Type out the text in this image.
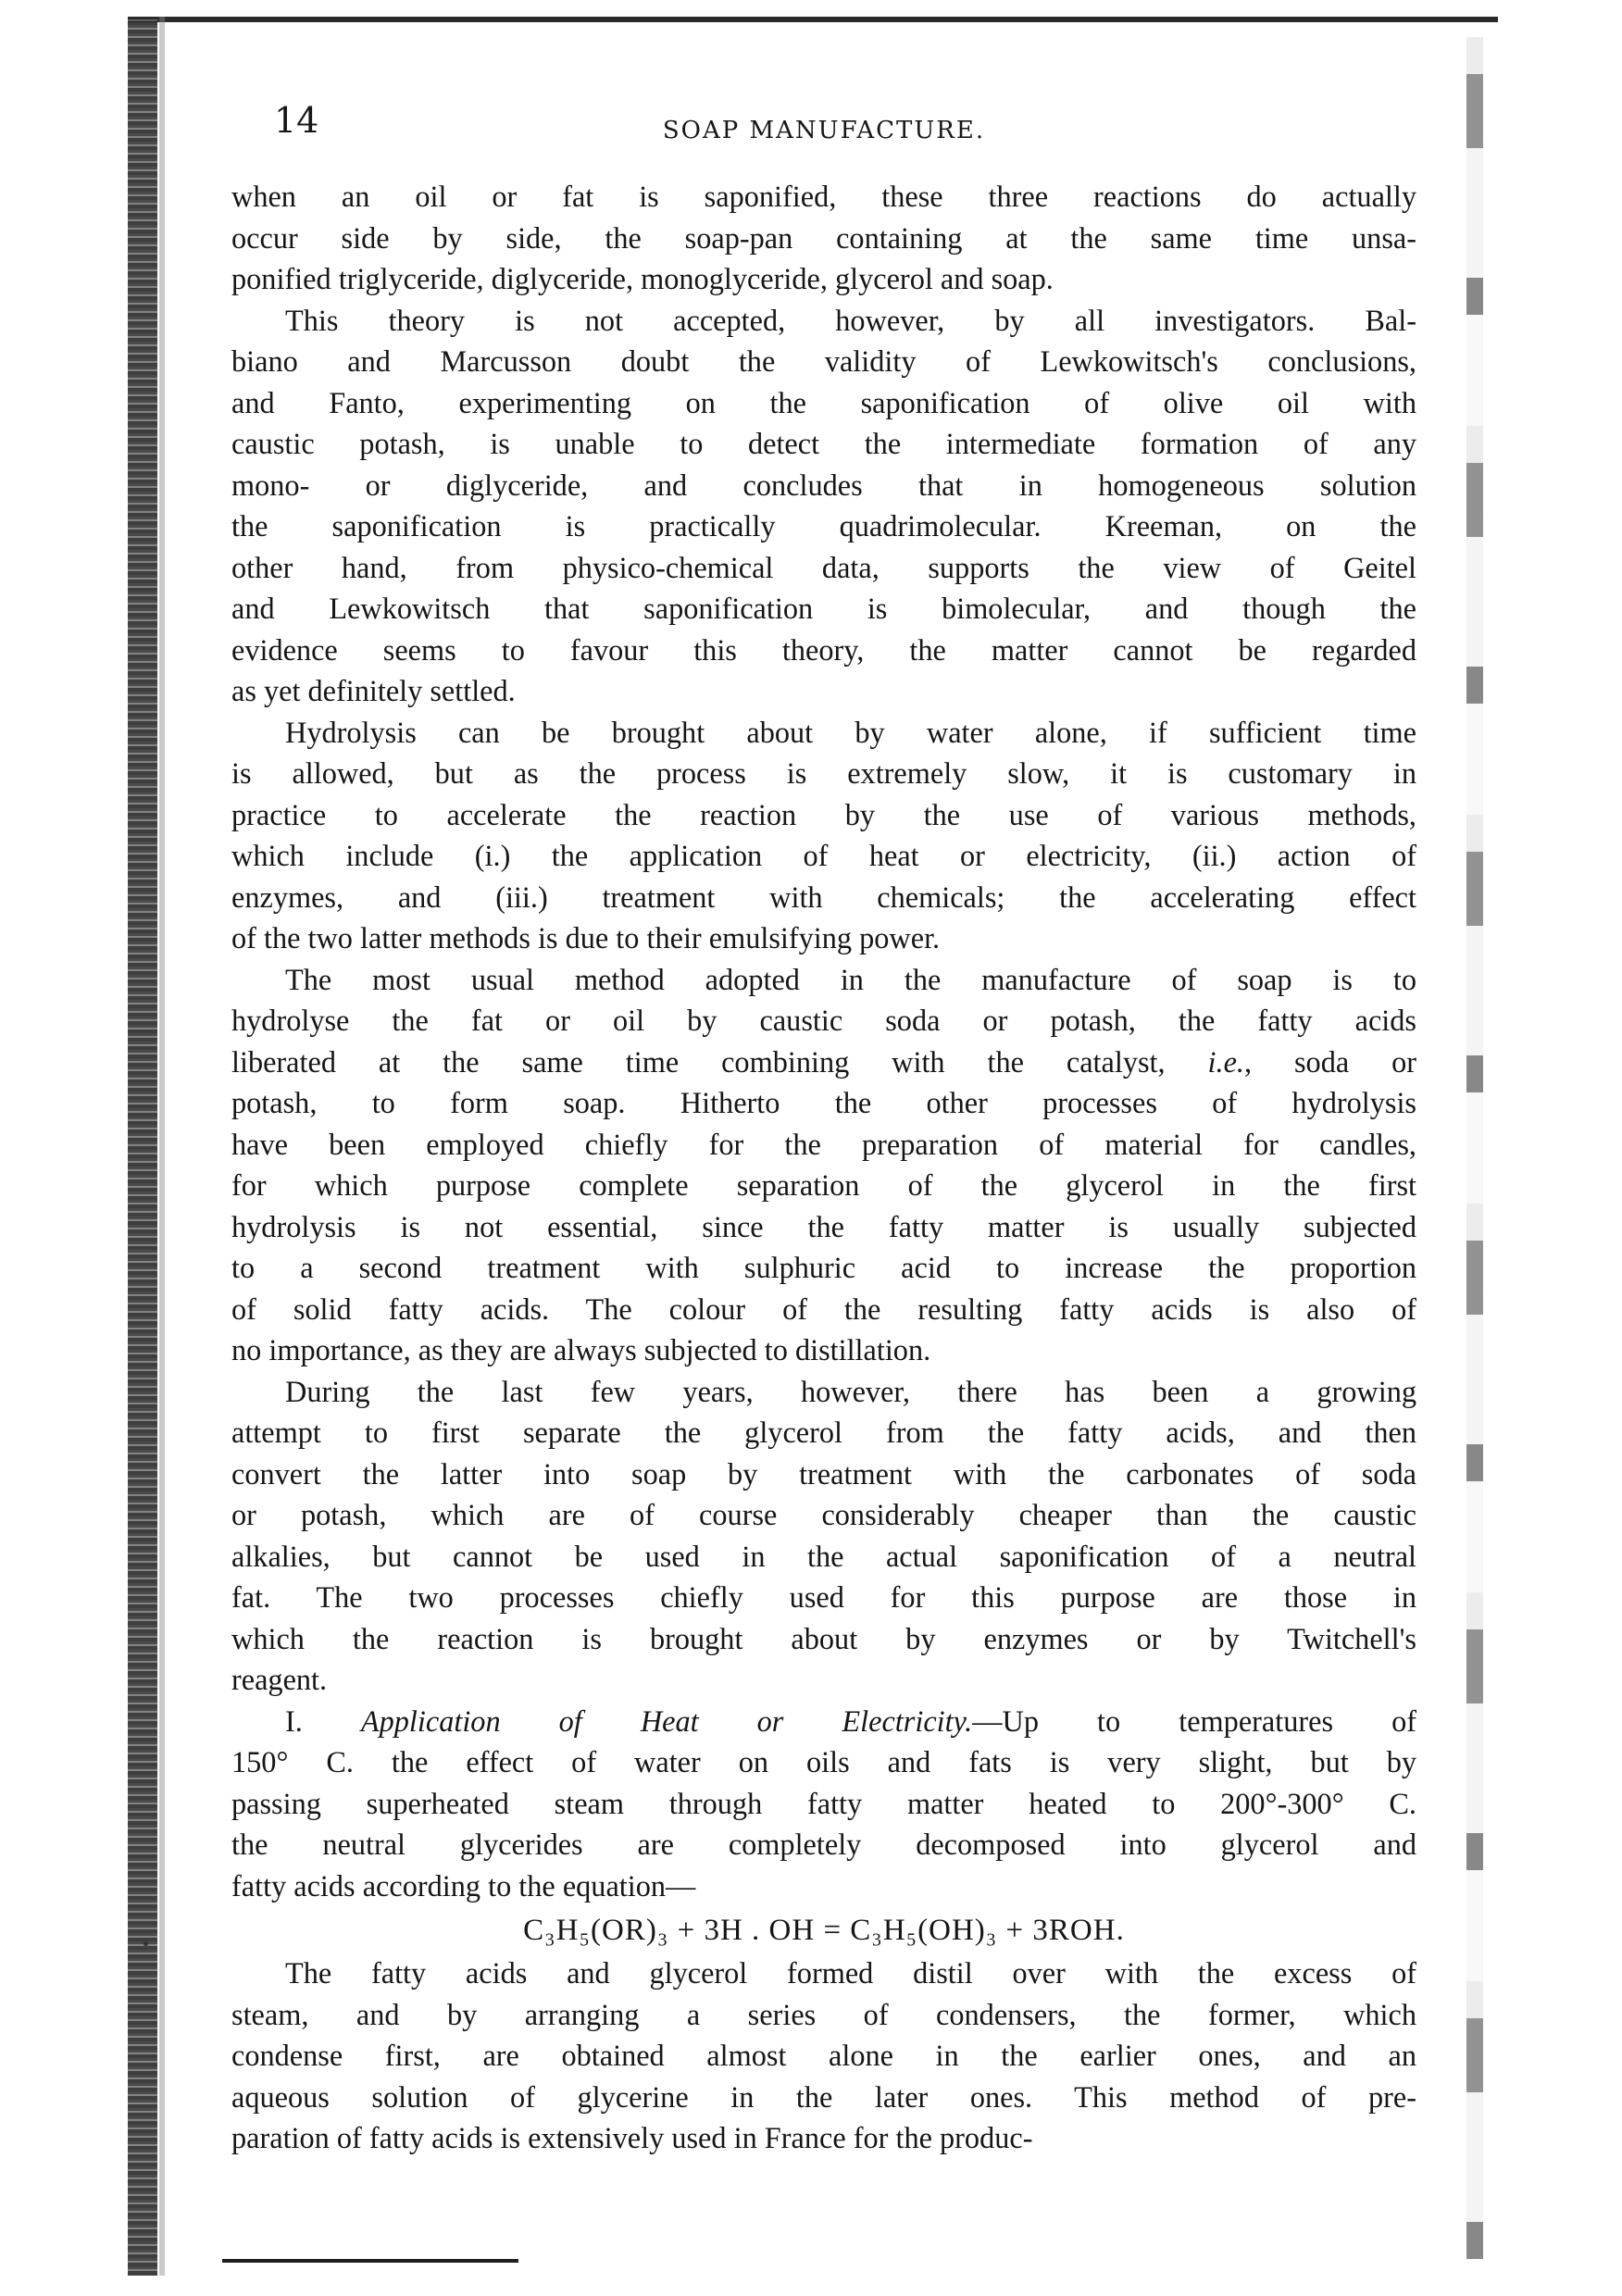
14	SOAP MANUFACTURE.

when an oil or fat is saponified, these three reactions do actually

occur side by side, the soap-pan containing at the same time unsa-

ponified triglyceride, diglyceride, monoglyceride, glycerol and soap.

This theory is not accepted, however, by all investigators. Bal-

biano and Marcusson doubt the validity of Lewkowitsch's conclusions,

and Fanto, experimenting on the saponification of olive oil with

caustic potash, is unable to detect the intermediate formation of any

mono- or diglyceride, and concludes that in homogeneous solution

the saponification is practically quadrimolecular. Kreeman, on the

other hand, from physico-chemical data, supports the view of Geitel

and Lewkowitsch that saponification is bimolecular, and though the

evidence seems to favour this theory, the matter cannot be regarded

as yet definitely settled.

Hydrolysis can be brought about by water alone, if sufficient time

is allowed, but as the process is extremely slow, it is customary in

practice to accelerate the reaction by the use of various methods,

which include (i.) the application of heat or electricity, (ii.) action of

enzymes, and (iii.) treatment with chemicals; the accelerating effect

of the two latter methods is due to their emulsifying power.

The most usual method adopted in the manufacture of soap is to

hydrolyse the fat or oil by caustic soda or potash, the fatty acids

liberated at the same time combining with the catalyst, i.e., soda or

potash, to form soap. Hitherto the other processes of hydrolysis

have been employed chiefly for the preparation of material for candles,

for which purpose complete separation of the glycerol in the first

hydrolysis is not essential, since the fatty matter is usually subjected

to a second treatment with sulphuric acid to increase the proportion

of solid fatty acids. The colour of the resulting fatty acids is also of

no importance, as they are always subjected to distillation.

During the last few years, however, there has been a growing

attempt to first separate the glycerol from the fatty acids, and then

convert the latter into soap by treatment with the carbonates of soda

or potash, which are of course considerably cheaper than the caustic

alkalies, but cannot be used in the actual saponification of a neutral

fat. The two processes chiefly used for this purpose are those in

which the reaction is brought about by enzymes or by Twitchell's

reagent.

I. Application of Heat or Electricity.—Up to temperatures of

150° C. the effect of water on oils and fats is very slight, but by

passing superheated steam through fatty matter heated to 200°-300° C.

the neutral glycerides are completely decomposed into glycerol and

fatty acids according to the equation—

C₃H₅(OR)₃ + 3H . OH = C₃H₅(OH)₃ + 3ROH.

The fatty acids and glycerol formed distil over with the excess of

steam, and by arranging a series of condensers, the former, which

condense first, are obtained almost alone in the earlier ones, and an

aqueous solution of glycerine in the later ones. This method of pre-

paration of fatty acids is extensively used in France for the produc-
